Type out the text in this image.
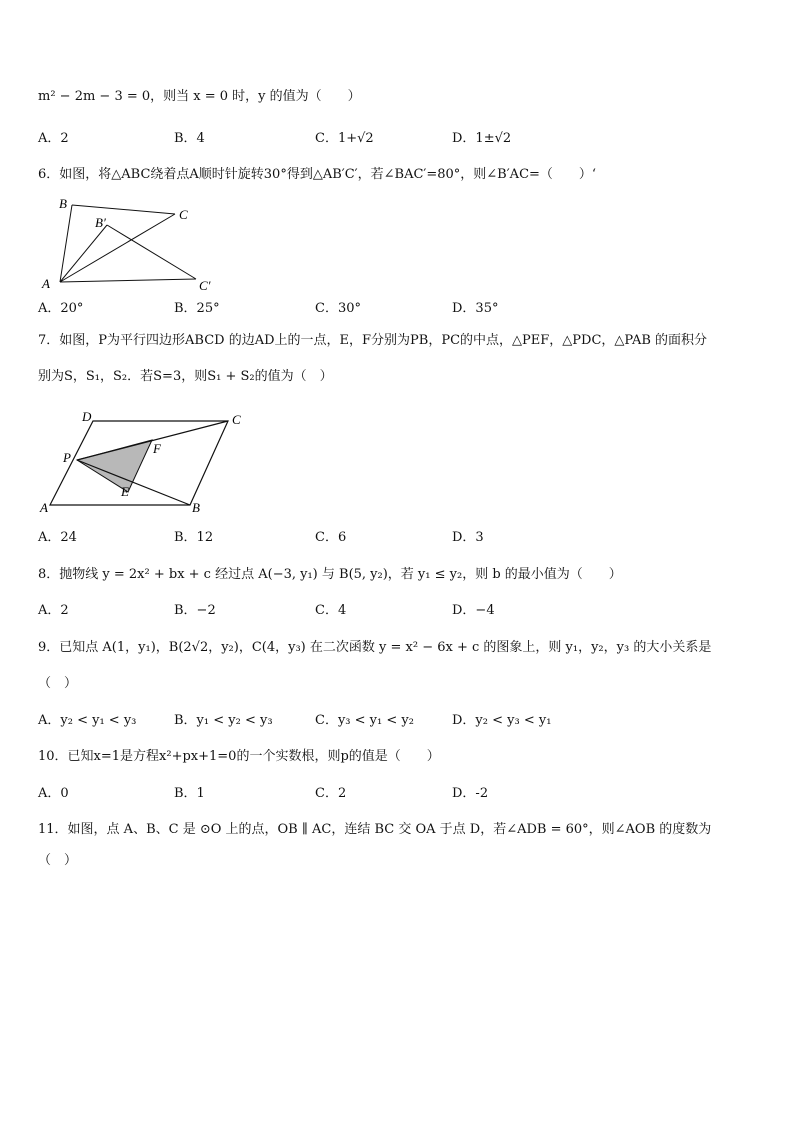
m² − 2m − 3 = 0，则当 x = 0 时，y 的值为（　　）
A．2	B．4	C．1+√2	D．1±√2
6．如图，将△ABC绕着点A顺时针旋转30°得到△AB′C′，若∠BAC′=80°，则∠B′AC=（　　）‘
A
B
B′
C
C′
A．20°	B．25°	C．30°	D．35°
7．如图，P为平行四边形ABCD 的边AD上的一点，E，F分别为PB，PC的中点，△PEF，△PDC，△PAB 的面积分
别为S，S₁，S₂．若S=3，则S₁ + S₂的值为（　）
D	C
P
F
E
A	B
A．24	B．12	C．6	D．3
8．抛物线 y = 2x² + bx + c 经过点 A(−3, y₁) 与 B(5, y₂)，若 y₁ ≤ y₂，则 b 的最小值为（　　）
A．2	B．−2	C．4	D．−4
9．已知点 A(1，y₁)，B(2√2，y₂)，C(4，y₃) 在二次函数 y = x² − 6x + c 的图象上，则 y₁，y₂，y₃ 的大小关系是
（　）
A．y₂ < y₁ < y₃	B．y₁ < y₂ < y₃	C．y₃ < y₁ < y₂	D．y₂ < y₃ < y₁
10．已知x=1是方程x²+px+1=0的一个实数根，则p的值是（　　）
A．0	B．1	C．2	D．-2
11．如图，点 A、B、C 是 ⊙O 上的点，OB ∥ AC，连结 BC 交 OA 于点 D，若∠ADB = 60°，则∠AOB 的度数为
（　）
